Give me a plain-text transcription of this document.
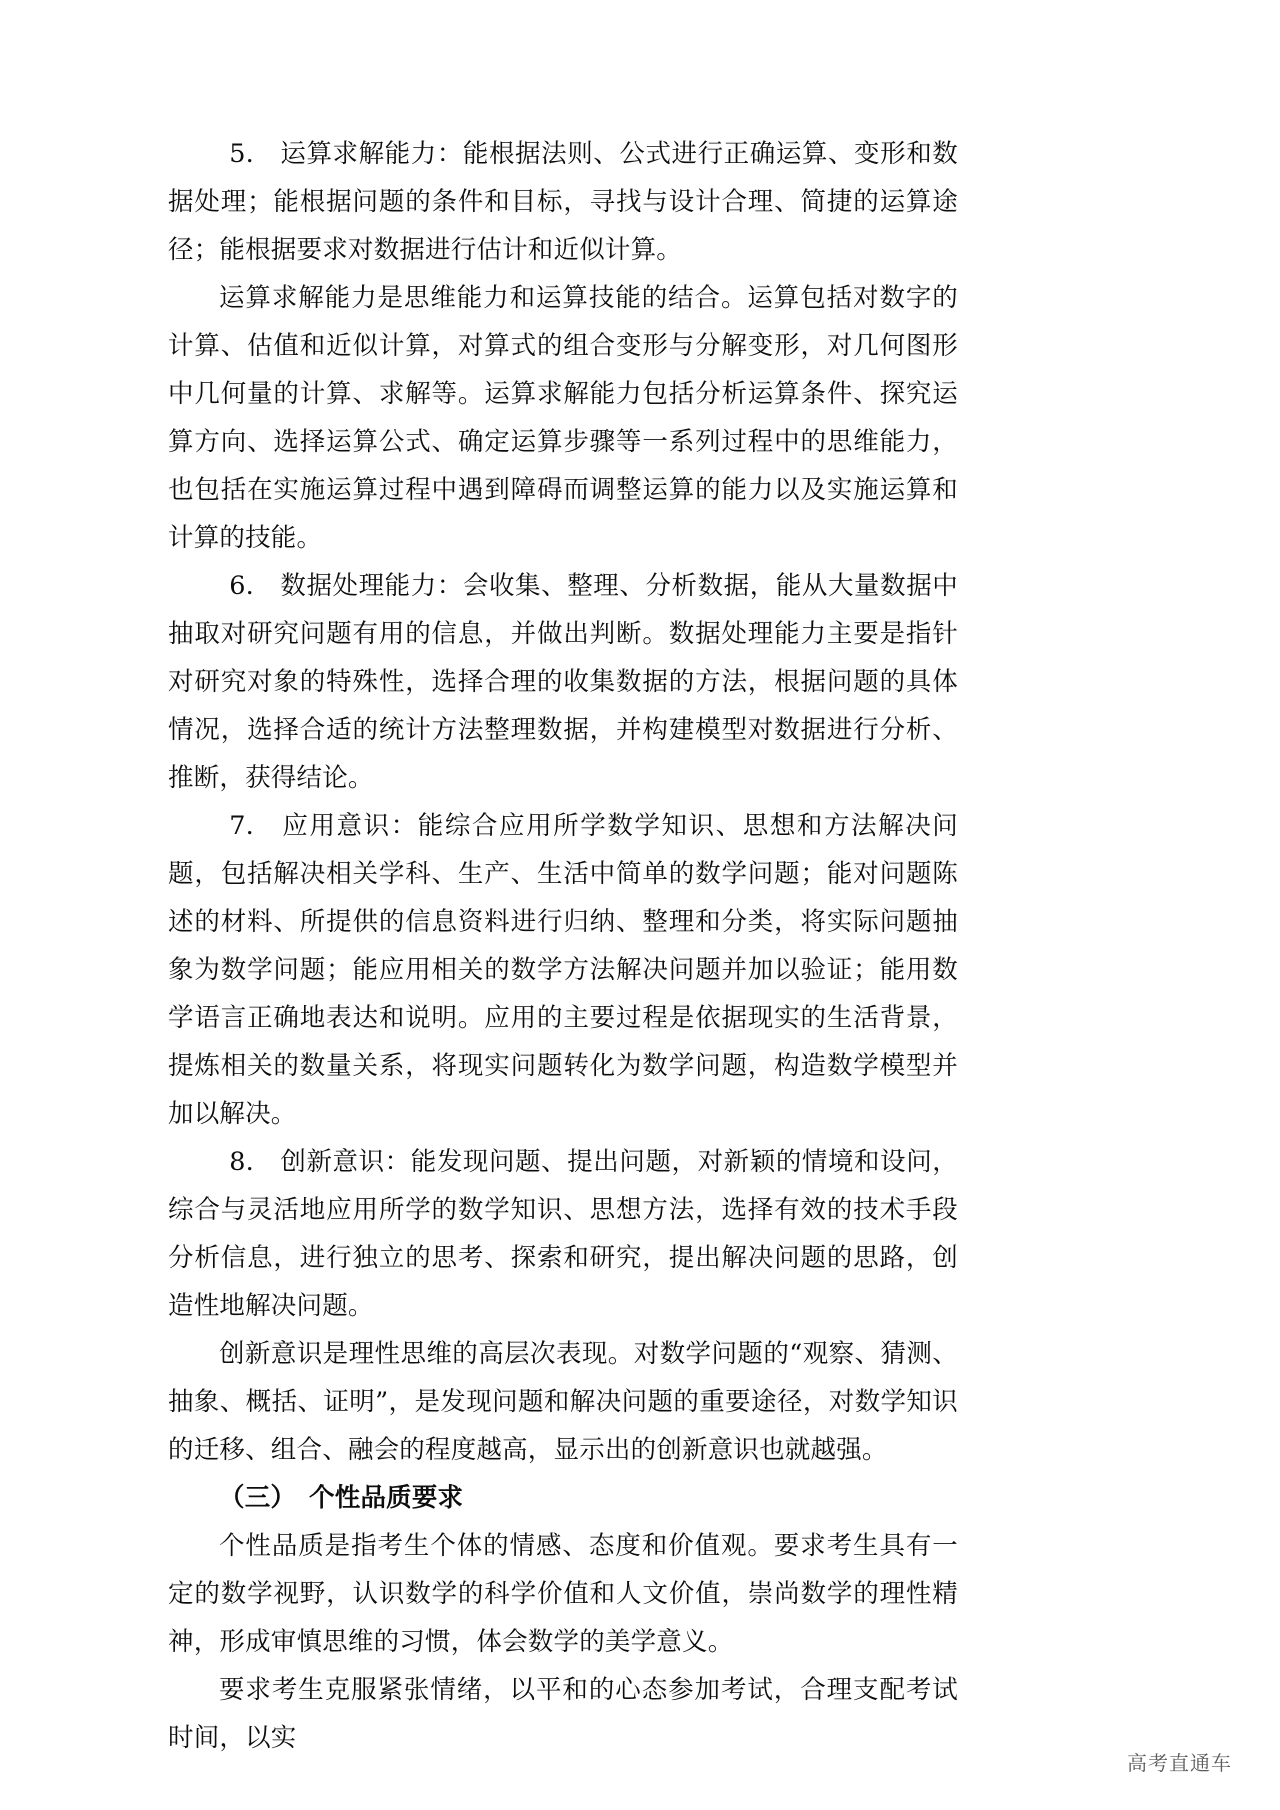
5.　运算求解能力：能根据法则、公式进行正确运算、变形和数据处理；能根据问题的条件和目标，寻找与设计合理、简捷的运算途径；能根据要求对数据进行估计和近似计算。

运算求解能力是思维能力和运算技能的结合。运算包括对数字的计算、估值和近似计算，对算式的组合变形与分解变形，对几何图形中几何量的计算、求解等。运算求解能力包括分析运算条件、探究运算方向、选择运算公式、确定运算步骤等一系列过程中的思维能力，也包括在实施运算过程中遇到障碍而调整运算的能力以及实施运算和计算的技能。

6.　数据处理能力：会收集、整理、分析数据，能从大量数据中抽取对研究问题有用的信息，并做出判断。数据处理能力主要是指针对研究对象的特殊性，选择合理的收集数据的方法，根据问题的具体情况，选择合适的统计方法整理数据，并构建模型对数据进行分析、推断，获得结论。

7.　应用意识：能综合应用所学数学知识、思想和方法解决问题，包括解决相关学科、生产、生活中简单的数学问题；能对问题陈述的材料、所提供的信息资料进行归纳、整理和分类，将实际问题抽象为数学问题；能应用相关的数学方法解决问题并加以验证；能用数学语言正确地表达和说明。应用的主要过程是依据现实的生活背景，提炼相关的数量关系，将现实问题转化为数学问题，构造数学模型并加以解决。

8.　创新意识：能发现问题、提出问题，对新颖的情境和设问，综合与灵活地应用所学的数学知识、思想方法，选择有效的技术手段分析信息，进行独立的思考、探索和研究，提出解决问题的思路，创造性地解决问题。

创新意识是理性思维的高层次表现。对数学问题的“观察、猜测、抽象、概括、证明”，是发现问题和解决问题的重要途径，对数学知识的迁移、组合、融会的程度越高，显示出的创新意识也就越强。

（三）　个性品质要求

个性品质是指考生个体的情感、态度和价值观。要求考生具有一定的数学视野，认识数学的科学价值和人文价值，崇尚数学的理性精神，形成审慎思维的习惯，体会数学的美学意义。

要求考生克服紧张情绪，以平和的心态参加考试，合理支配考试时间，以实

高考直通车
